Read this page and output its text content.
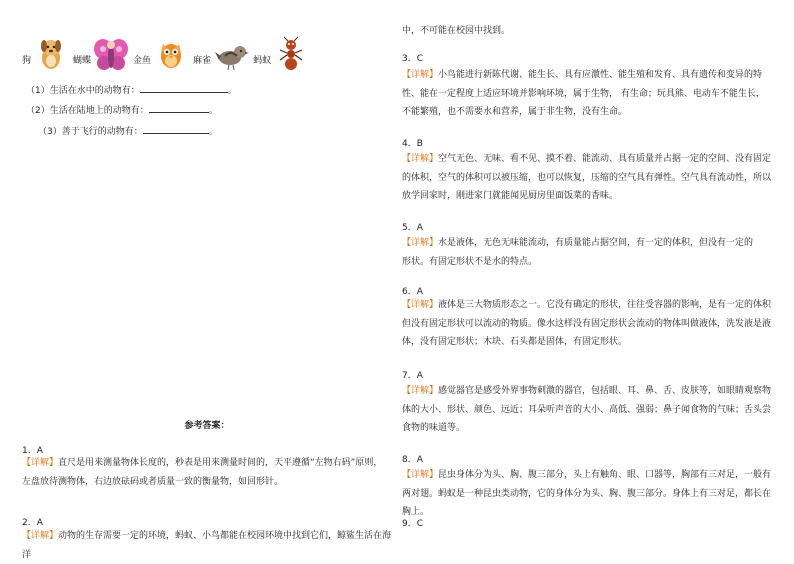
狗	蝴蝶	金鱼	麻雀	蚂蚁
（1）生活在水中的动物有：	。
（2）生活在陆地上的动物有：	。
（3）善于飞行的动物有：	。
参考答案：

1．A

【详解】直尺是用来测量物体长度的，秒表是用来测量时间的，天平遵循“左物右码”原则，左盘放待测物体，右边放砝码或者质量一致的衡量物，如回形针。

2．A

【详解】动物的生存需要一定的环境，蚂蚁、小鸟都能在校园环境中找到它们，鲸鲨生活在海洋

中，不可能在校园中找到。

3．C

【详解】小鸟能进行新陈代谢、能生长、具有应激性、能生殖和发育、具有遗传和变异的特性、能在一定程度上适应环境并影响环境，属于生物， 有生命；玩具熊、电动车不能生长，不能繁殖，也不需要水和营养，属于非生物，没有生命。

4．B

【详解】空气无色、无味、看不见、摸不着、能流动、具有质量并占据一定的空间、没有固定的体积，空气的体积可以被压缩，也可以恢复，压缩的空气具有弹性。空气具有流动性，所以放学回家时，刚进家门就能闻见厨房里面饭菜的香味。

5．A

【详解】水是液体，无色无味能流动，有质量能占据空间，有一定的体积，但没有一定的形状。有固定形状不是水的特点。

6．A

【详解】液体是三大物质形态之一。它没有确定的形状，往往受容器的影响，是有一定的体积但没有固定形状可以流动的物质。像水这样没有固定形状会流动的物体叫做液体，洗发液是液体，没有固定形状；木块、石头都是固体，有固定形状。

7．A

【详解】感觉器官是感受外界事物刺激的器官，包括眼、耳、鼻、舌、皮肤等，如眼睛观察物体的大小、形状、颜色、远近；耳朵听声音的大小、高低、强弱；鼻子闻食物的气味；舌头尝食物的味道等。

8．A

【详解】昆虫身体分为头、胸、腹三部分，头上有触角、眼、口器等，胸部有三对足，一般有两对翅。蚂蚁是一种昆虫类动物，它的身体分为头、胸、腹三部分。身体上有三对足，都长在胸上。

9．C
